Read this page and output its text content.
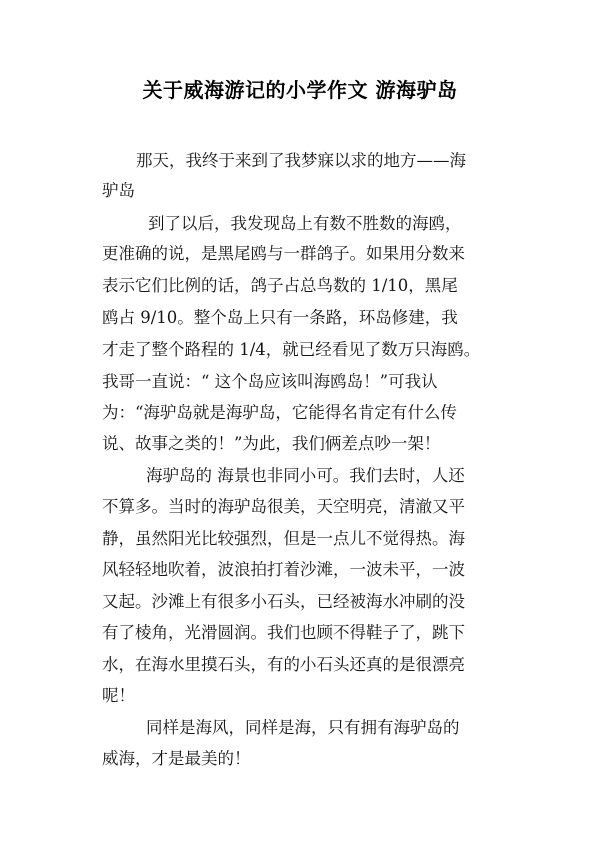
关于威海游记的小学作文 游海驴岛
那天，我终于来到了我梦寐以求的地方——海
驴岛
到了以后，我发现岛上有数不胜数的海鸥，
更准确的说，是黑尾鸥与一群鸽子。如果用分数来
表示它们比例的话，鸽子占总鸟数的 1/10，黑尾
鸥占 9/10。整个岛上只有一条路，环岛修建，我
才走了整个路程的 1/4，就已经看见了数万只海鸥。
我哥一直说：“ 这个岛应该叫海鸥岛！”可我认
为：“海驴岛就是海驴岛，它能得名肯定有什么传
说、故事之类的！”为此，我们俩差点吵一架！
海驴岛的 海景也非同小可。我们去时，人还
不算多。当时的海驴岛很美，天空明亮，清澈又平
静，虽然阳光比较强烈，但是一点儿不觉得热。海
风轻轻地吹着，波浪拍打着沙滩，一波未平，一波
又起。沙滩上有很多小石头，已经被海水冲刷的没
有了棱角，光滑圆润。我们也顾不得鞋子了，跳下
水，在海水里摸石头，有的小石头还真的是很漂亮
呢！
同样是海风，同样是海，只有拥有海驴岛的
威海，才是最美的！
